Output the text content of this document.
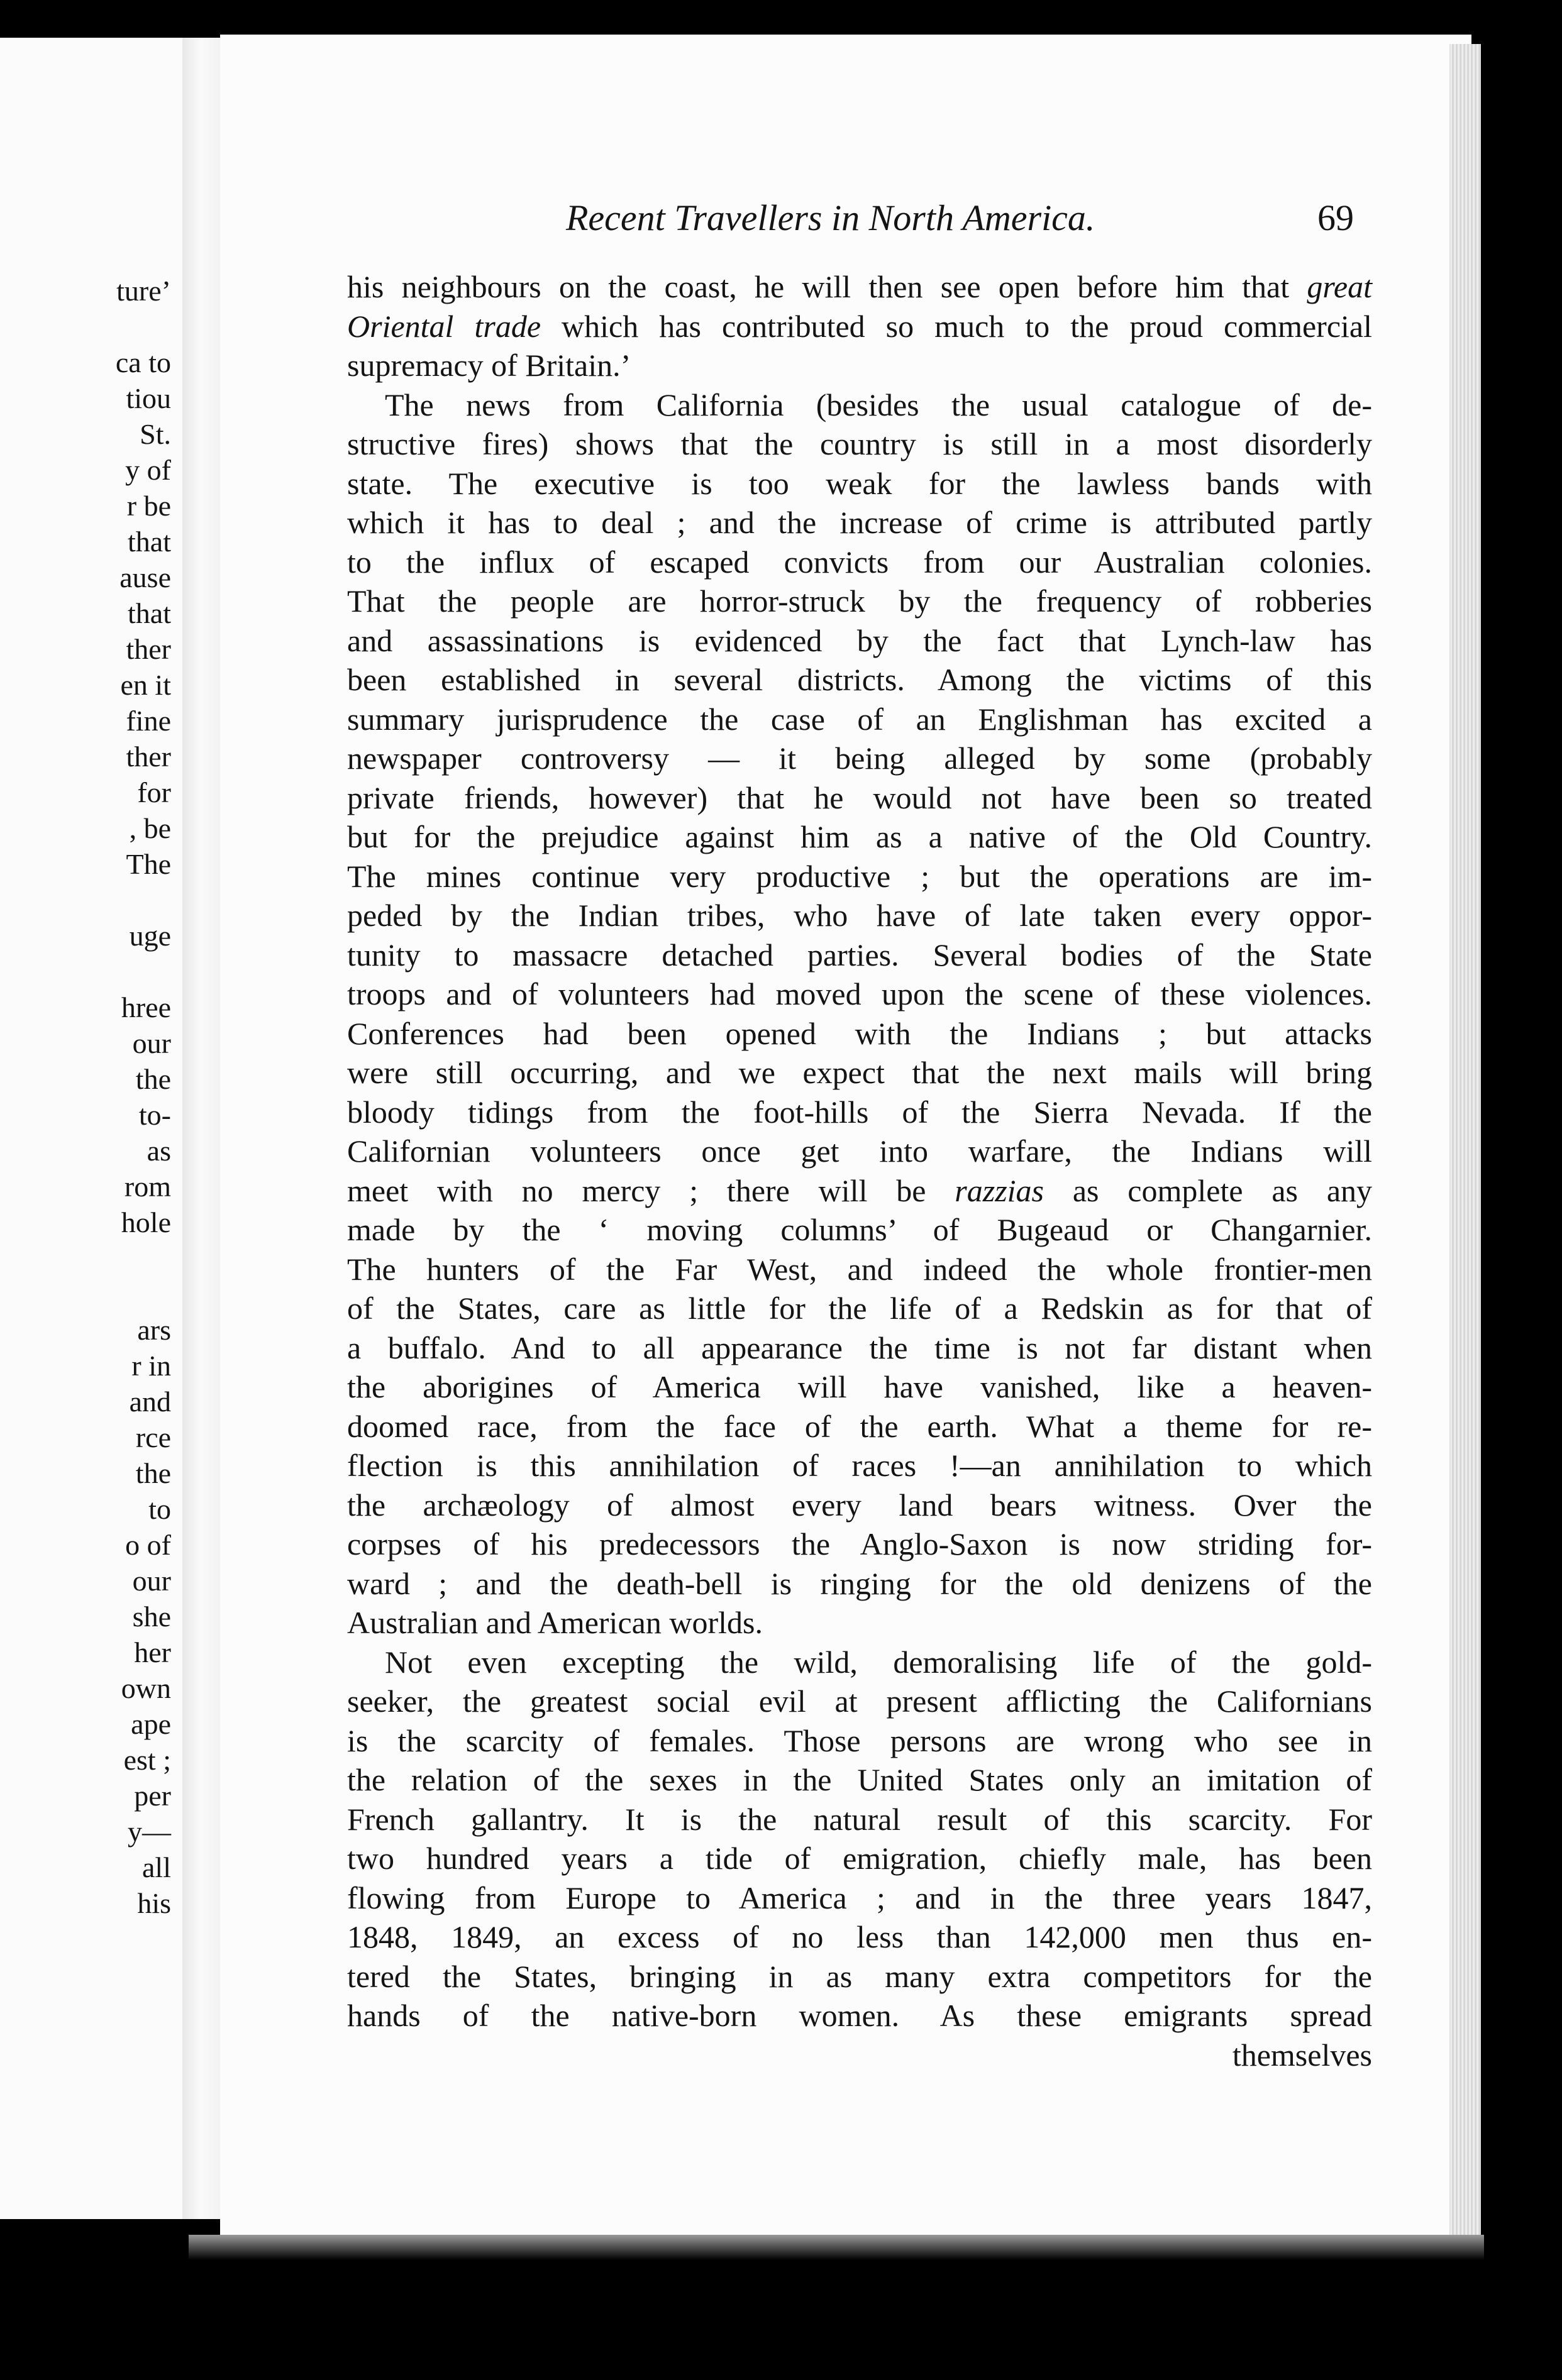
ture’
ca to
tiou
St.
y of
r be
that
ause
that
ther
en it
fine
ther
for
, be
The
uge
hree
our
the
to-
as
rom
hole
ars
r in
and
rce
the
to
o of
our
she
her
own
ape
est ;
per
y—
all
his
Recent Travellers in North America.	69
his neighbours on the coast, he will then see open before him that great
Oriental trade which has contributed so much to the proud commercial
supremacy of Britain.’
The news from California (besides the usual catalogue of de-
structive fires) shows that the country is still in a most disorderly
state. The executive is too weak for the lawless bands with
which it has to deal ; and the increase of crime is attributed partly
to the influx of escaped convicts from our Australian colonies.
That the people are horror-struck by the frequency of robberies
and assassinations is evidenced by the fact that Lynch-law has
been established in several districts. Among the victims of this
summary jurisprudence the case of an Englishman has excited a
newspaper controversy — it being alleged by some (probably
private friends, however) that he would not have been so treated
but for the prejudice against him as a native of the Old Country.
The mines continue very productive ; but the operations are im-
peded by the Indian tribes, who have of late taken every oppor-
tunity to massacre detached parties. Several bodies of the State
troops and of volunteers had moved upon the scene of these violences.
Conferences had been opened with the Indians ; but attacks
were still occurring, and we expect that the next mails will bring
bloody tidings from the foot-hills of the Sierra Nevada. If the
Californian volunteers once get into warfare, the Indians will
meet with no mercy ; there will be razzias as complete as any
made by the ‘ moving columns’ of Bugeaud or Changarnier.
The hunters of the Far West, and indeed the whole frontier-men
of the States, care as little for the life of a Redskin as for that of
a buffalo. And to all appearance the time is not far distant when
the aborigines of America will have vanished, like a heaven-
doomed race, from the face of the earth. What a theme for re-
flection is this annihilation of races !—an annihilation to which
the archæology of almost every land bears witness. Over the
corpses of his predecessors the Anglo-Saxon is now striding for-
ward ; and the death-bell is ringing for the old denizens of the
Australian and American worlds.
Not even excepting the wild, demoralising life of the gold-
seeker, the greatest social evil at present afflicting the Californians
is the scarcity of females. Those persons are wrong who see in
the relation of the sexes in the United States only an imitation of
French gallantry. It is the natural result of this scarcity. For
two hundred years a tide of emigration, chiefly male, has been
flowing from Europe to America ; and in the three years 1847,
1848, 1849, an excess of no less than 142,000 men thus en-
tered the States, bringing in as many extra competitors for the
hands of the native-born women. As these emigrants spread
themselves
